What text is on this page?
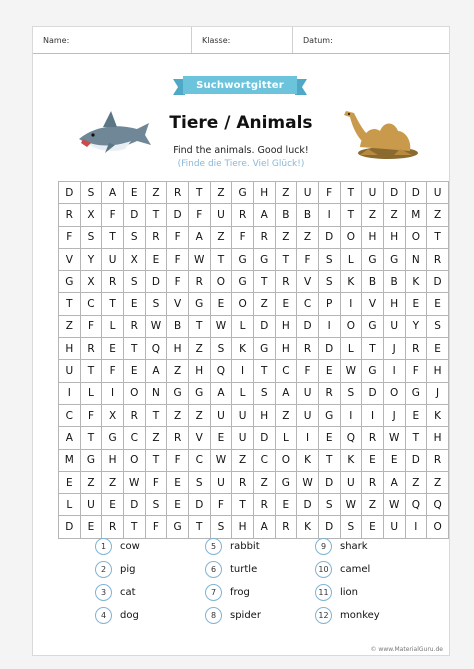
Name:	Klasse:	Datum:
Suchwortgitter
Tiere / Animals
Find the animals. Good luck!
(Finde die Tiere. Viel Glück!)
D	S	A	E	Z	R	T	Z	G	H	Z	U	F	T	U	D	D	U
R	X	F	D	T	D	F	U	R	A	B	B	I	T	Z	Z	M	Z
F	S	T	S	R	F	A	Z	F	R	Z	Z	D	O	H	H	O	T
V	Y	U	X	E	F	W	T	G	G	T	F	S	L	G	G	N	R
G	X	R	S	D	F	R	O	G	T	R	V	S	K	B	B	K	D
T	C	T	E	S	V	G	E	O	Z	E	C	P	I	V	H	E	E
Z	F	L	R	W	B	T	W	L	D	H	D	I	O	G	U	Y	S
H	R	E	T	Q	H	Z	S	K	G	H	R	D	L	T	J	R	E
U	T	F	E	A	Z	H	Q	I	T	C	F	E	W	G	I	F	H
I	L	I	O	N	G	G	A	L	S	A	U	R	S	D	O	G	J
C	F	X	R	T	Z	Z	U	U	H	Z	U	G	I	I	J	E	K
A	T	G	C	Z	R	V	E	U	D	L	I	E	Q	R	W	T	H
M	G	H	O	T	F	C	W	Z	C	O	K	T	K	E	E	D	R
E	Z	Z	W	F	E	S	U	R	Z	G	W	D	U	R	A	Z	Z
L	U	E	D	S	E	D	F	T	R	E	D	S	W	Z	W	Q	Q
D	E	R	T	F	G	T	S	H	A	R	K	D	S	E	U	I	O
1	cow
2	pig
3	cat
4	dog
5	rabbit
6	turtle
7	frog
8	spider
9	shark
10	camel
11	lion
12	monkey
© www.MaterialGuru.de
